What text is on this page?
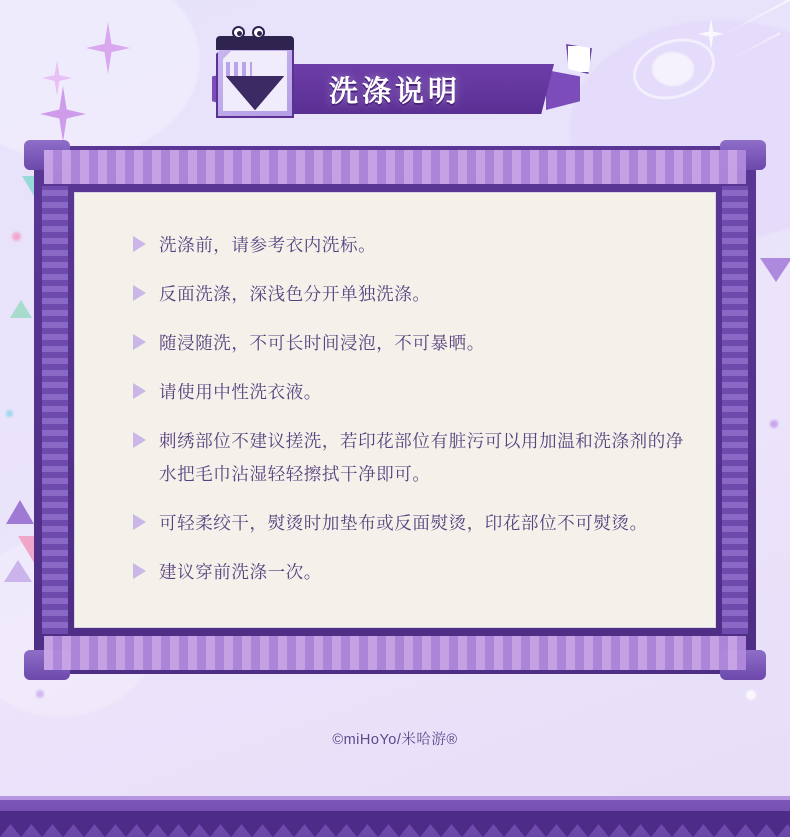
洗涤说明
洗涤前，请参考衣内洗标。
反面洗涤，深浅色分开单独洗涤。
随浸随洗，不可长时间浸泡，不可暴晒。
请使用中性洗衣液。
刺绣部位不建议搓洗，若印花部位有脏污可以用加温和洗涤剂的净水把毛巾沾湿轻轻擦拭干净即可。
可轻柔绞干，熨烫时加垫布或反面熨烫，印花部位不可熨烫。
建议穿前洗涤一次。
©miHoYo/米哈游®
